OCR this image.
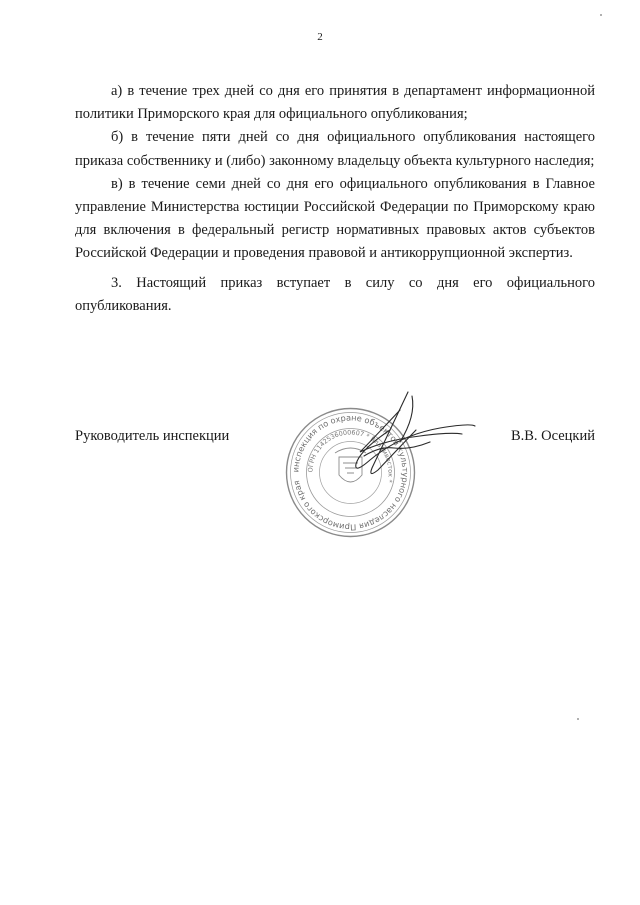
2

а) в течение трех дней со дня его принятия в департамент информационной политики Приморского края для официального опубликования;

б) в течение пяти дней со дня официального опубликования настоящего приказа собственнику и (либо) законному владельцу объекта культурного наследия;

в) в течение семи дней со дня его официального опубликования в Главное управление Министерства юстиции Российской Федерации по Приморскому краю для включения в федеральный регистр нормативных правовых актов субъектов Российской Федерации и проведения правовой и антикоррупционной экспертиз.

3. Настоящий приказ вступает в силу со дня его официального опубликования.

Руководитель инспекции	В.В. Осецкий
инспекция по охране объектов культурного наследия Приморского края
ОГРН 1142536000607 * Владивосток *
